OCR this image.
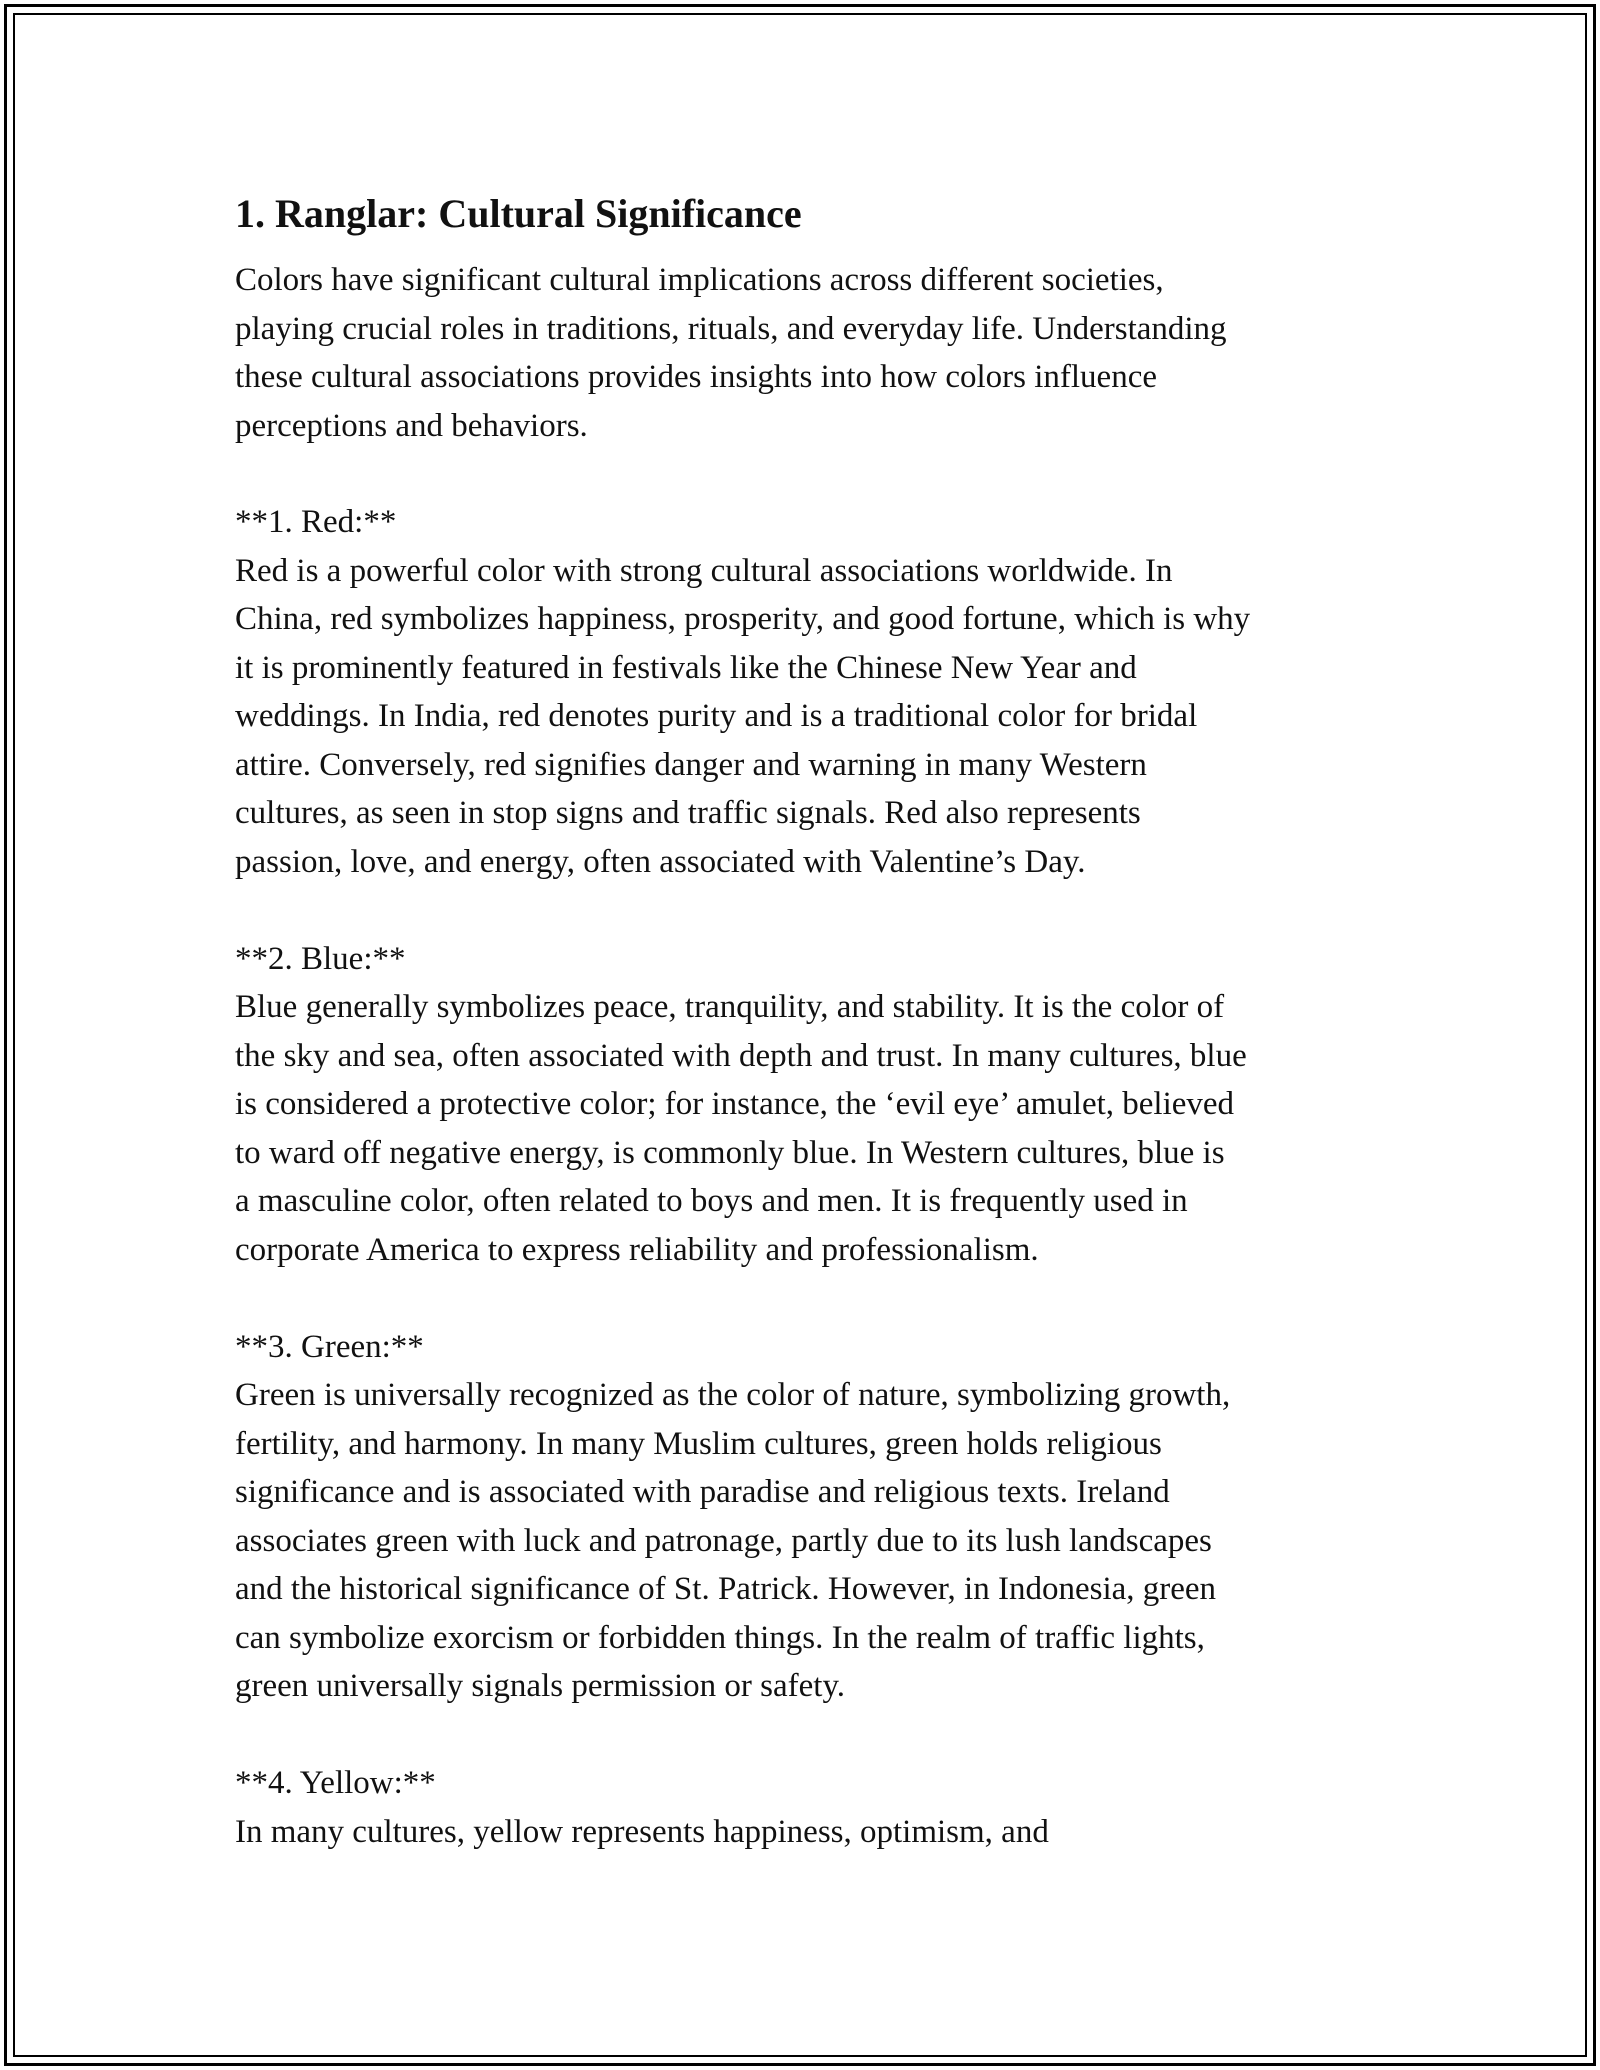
1. Ranglar: Cultural Significance

Colors have significant cultural implications across different societies,
playing crucial roles in traditions, rituals, and everyday life. Understanding
these cultural associations provides insights into how colors influence
perceptions and behaviors.

**1. Red:**

Red is a powerful color with strong cultural associations worldwide. In
China, red symbolizes happiness, prosperity, and good fortune, which is why
it is prominently featured in festivals like the Chinese New Year and
weddings. In India, red denotes purity and is a traditional color for bridal
attire. Conversely, red signifies danger and warning in many Western
cultures, as seen in stop signs and traffic signals. Red also represents
passion, love, and energy, often associated with Valentine’s Day.

**2. Blue:**

Blue generally symbolizes peace, tranquility, and stability. It is the color of
the sky and sea, often associated with depth and trust. In many cultures, blue
is considered a protective color; for instance, the ‘evil eye’ amulet, believed
to ward off negative energy, is commonly blue. In Western cultures, blue is
a masculine color, often related to boys and men. It is frequently used in
corporate America to express reliability and professionalism.

**3. Green:**

Green is universally recognized as the color of nature, symbolizing growth,
fertility, and harmony. In many Muslim cultures, green holds religious
significance and is associated with paradise and religious texts. Ireland
associates green with luck and patronage, partly due to its lush landscapes
and the historical significance of St. Patrick. However, in Indonesia, green
can symbolize exorcism or forbidden things. In the realm of traffic lights,
green universally signals permission or safety.

**4. Yellow:**

In many cultures, yellow represents happiness, optimism, and
